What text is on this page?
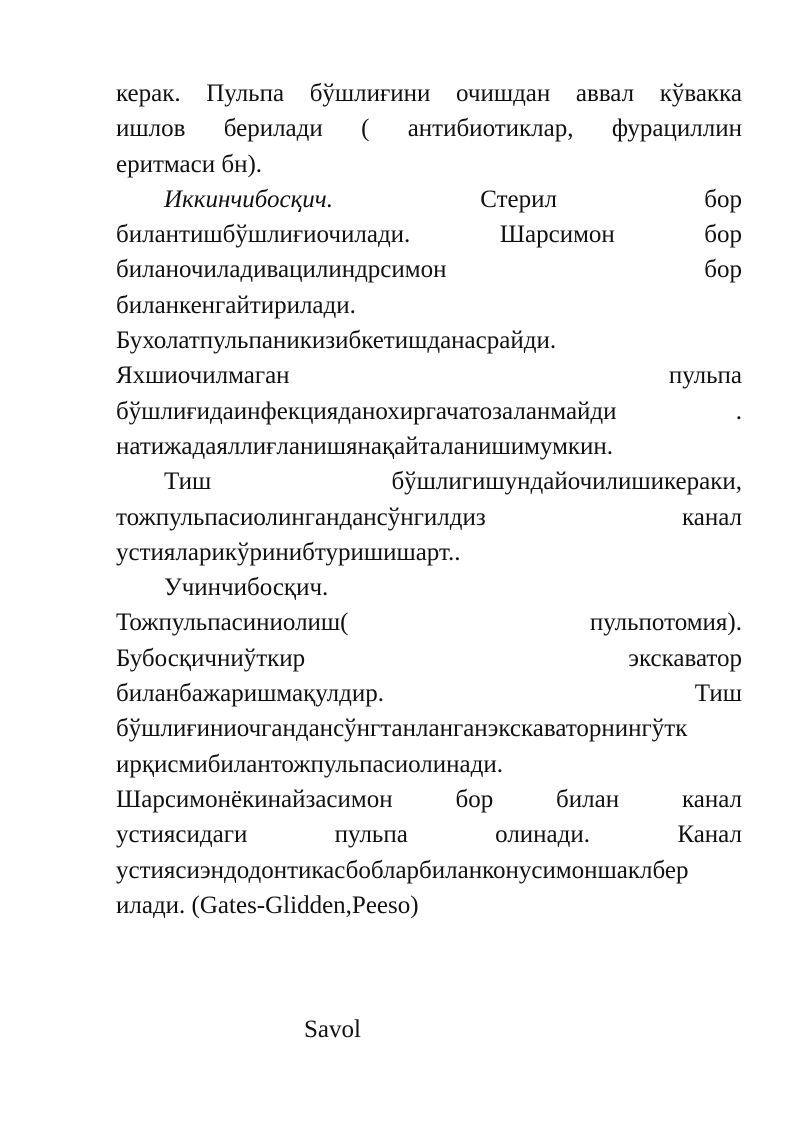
керак. Пульпа бўшлиғини очишдан аввал кўвакка
ишлов берилади ( антибиотиклар, фурациллин
еритмаси бн).
Иккинчибосқич.	Стерил	бор
билантишбўшлиғиочилади.	Шарсимон	бор
биланочиладивацилиндрсимон	бор
биланкенгайтирилади.
Бухолатпульпаникизибкетишданасрайди.
Яхшиочилмаган	пульпа
бўшлиғидаинфекцияданохиргачатозаланмайди	.
натижадаяллиғланишянақайталанишимумкин.
Тиш	бўшлигишундайочилишикераки,
тожпульпасиолингандансўнгилдиз	канал
устияларикўринибтуришишарт..
Учинчибосқич.
Тожпульпасиниолиш(	пульпотомия).
Бубосқичниўткир	экскаватор
биланбажаришмақулдир.	Тиш
бўшлиғиниочгандансўнгтанланганэкскаваторнингўтк
ирқисмибилантожпульпасиолинади.
Шарсимонёкинайзасимон	бор	билан	канал
устиясидаги	пульпа	олинади.	Канал
устиясиэндодонтикасбобларбиланконусимоншаклбер
илади. (Gates-Glidden,Peeso)
Savol
